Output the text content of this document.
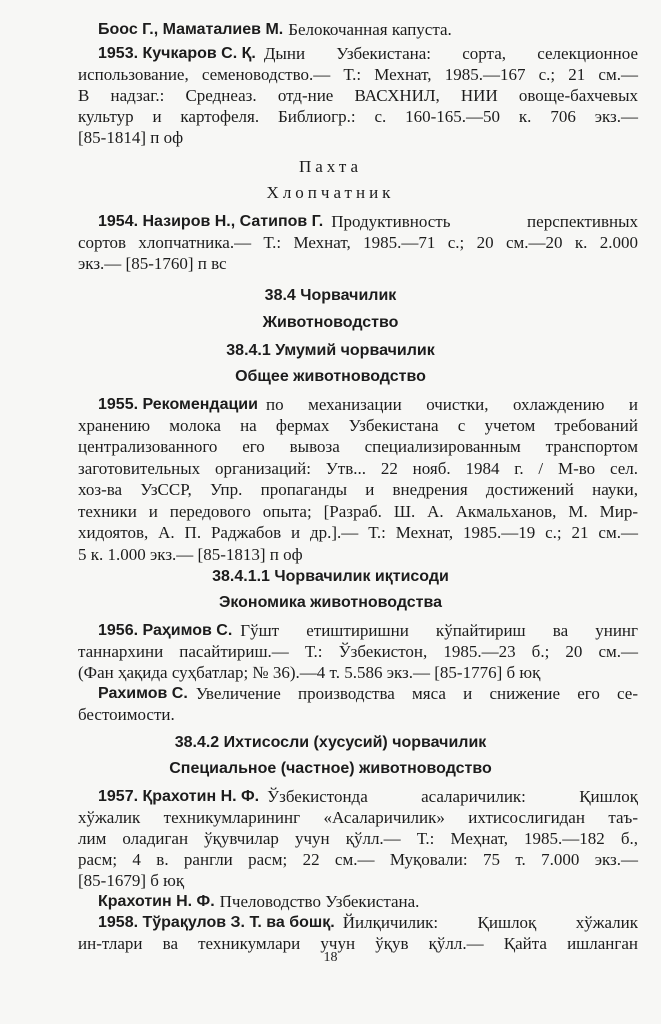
Боос Г., Маматалиев М. Белокочанная капуста.
1953. Кучкаров С. Қ. Дыни Узбекистана: сорта, селекционное
использование, семеноводство.— Т.: Мехнат, 1985.—167 с.; 21 см.—
В надзаг.: Среднеаз. отд-ние ВАСХНИЛ, НИИ овоще-бахчевых
культур и картофеля. Библиогр.: с. 160-165.—50 к. 706 экз.—
[85-1814] п оф
Пахта
Хлопчатник
1954. Назиров Н., Сатипов Г. Продуктивность перспективных
сортов хлопчатника.— Т.: Мехнат, 1985.—71 с.; 20 см.—20 к. 2.000
экз.— [85-1760] п вс
38.4 Чорвачилик
Животноводство
38.4.1 Умумий чорвачилик
Общее животноводство
1955. Рекомендации по механизации очистки, охлаждению и
хранению молока на фермах Узбекистана с учетом требований
централизованного его вывоза специализированным транспортом
заготовительных организаций: Утв... 22 нояб. 1984 г. / М-во сел.
хоз-ва УзССР, Упр. пропаганды и внедрения достижений науки,
техники и передового опыта; [Разраб. Ш. А. Акмальханов, М. Мир-
хидоятов, А. П. Раджабов и др.].— Т.: Мехнат, 1985.—19 с.; 21 см.—
5 к. 1.000 экз.— [85-1813] п оф
38.4.1.1 Чорвачилик иқтисоди
Экономика животноводства
1956. Раҳимов С. Гўшт етиштиришни кўпайтириш ва унинг
таннархини пасайтириш.— Т.: Ўзбекистон, 1985.—23 б.; 20 см.—
(Фан ҳақида суҳбатлар; № 36).—4 т. 5.586 экз.— [85-1776] б юқ
Рахимов С. Увеличение производства мяса и снижение его се-
бестоимости.
38.4.2 Ихтисосли (хусусий) чорвачилик
Специальное (частное) животноводство
1957. Қрахотин Н. Ф. Ўзбекистонда асаларичилик: Қишлоқ
хўжалик техникумларининг «Асаларичилик» ихтисослигидан таъ-
лим оладиган ўқувчилар учун қўлл.— Т.: Меҳнат, 1985.—182 б.,
расм; 4 в. рангли расм; 22 см.— Муқовали: 75 т. 7.000 экз.—
[85-1679] б юқ
Крахотин Н. Ф. Пчеловодство Узбекистана.
1958. Тўрақулов З. Т. ва бошқ. Йилқичилик: Қишлоқ хўжалик
ин-тлари ва техникумлари учун ўқув қўлл.— Қайта ишланган
18
